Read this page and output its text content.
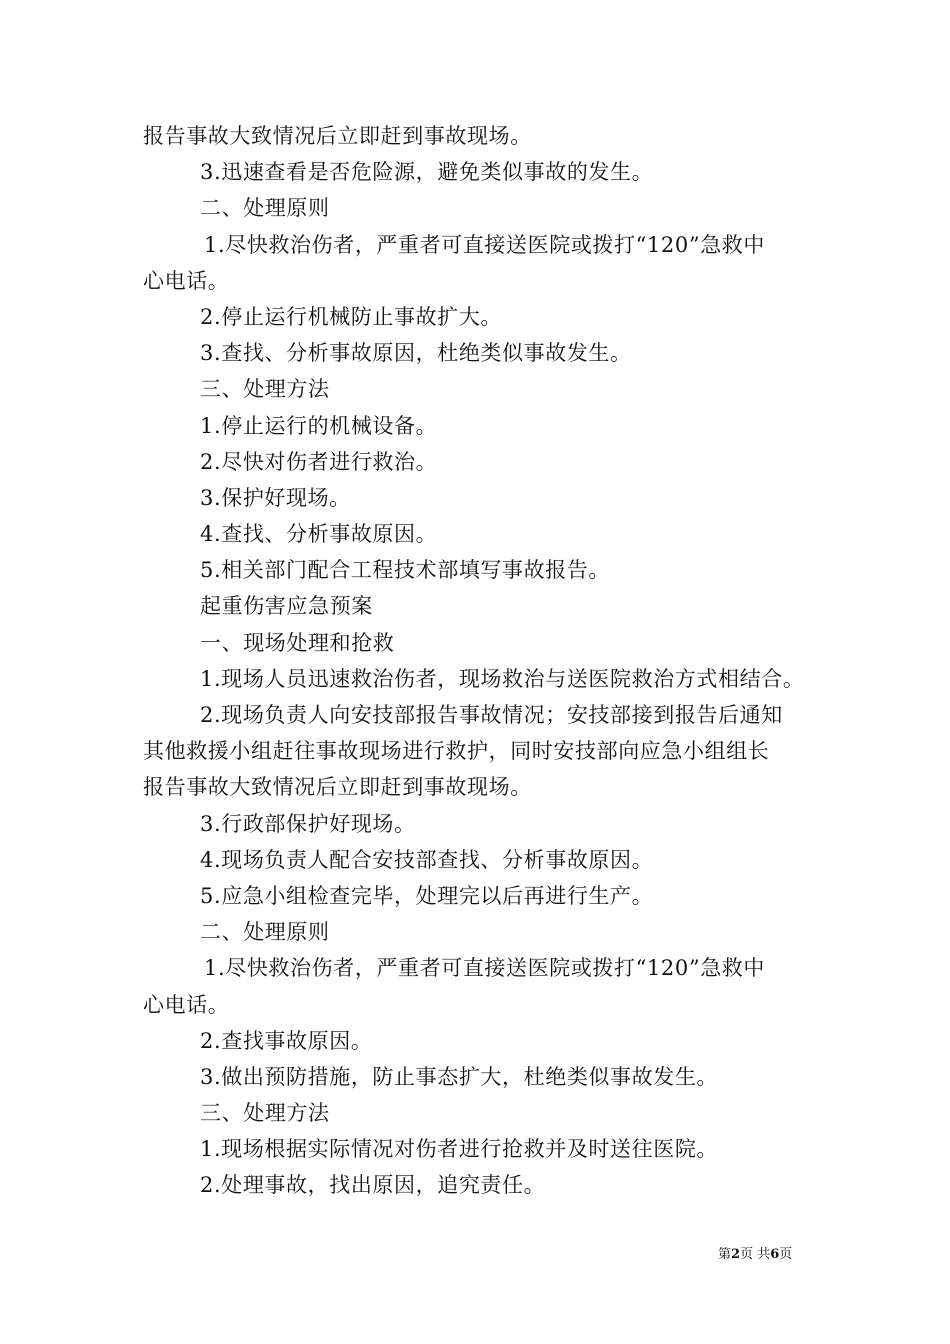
报告事故大致情况后立即赶到事故现场。
3.迅速查看是否危险源，避免类似事故的发生。
二、处理原则
1.尽快救治伤者，严重者可直接送医院或拨打“120”急救中
心电话。
2.停止运行机械防止事故扩大。
3.查找、分析事故原因，杜绝类似事故发生。
三、处理方法
1.停止运行的机械设备。
2.尽快对伤者进行救治。
3.保护好现场。
4.查找、分析事故原因。
5.相关部门配合工程技术部填写事故报告。
起重伤害应急预案
一、现场处理和抢救
1.现场人员迅速救治伤者，现场救治与送医院救治方式相结合。
2.现场负责人向安技部报告事故情况；安技部接到报告后通知
其他救援小组赶往事故现场进行救护，同时安技部向应急小组组长
报告事故大致情况后立即赶到事故现场。
3.行政部保护好现场。
4.现场负责人配合安技部查找、分析事故原因。
5.应急小组检查完毕，处理完以后再进行生产。
二、处理原则
1.尽快救治伤者，严重者可直接送医院或拨打“120”急救中
心电话。
2.查找事故原因。
3.做出预防措施，防止事态扩大，杜绝类似事故发生。
三、处理方法
1.现场根据实际情况对伤者进行抢救并及时送往医院。
2.处理事故，找出原因，追究责任。
第2页 共6页
